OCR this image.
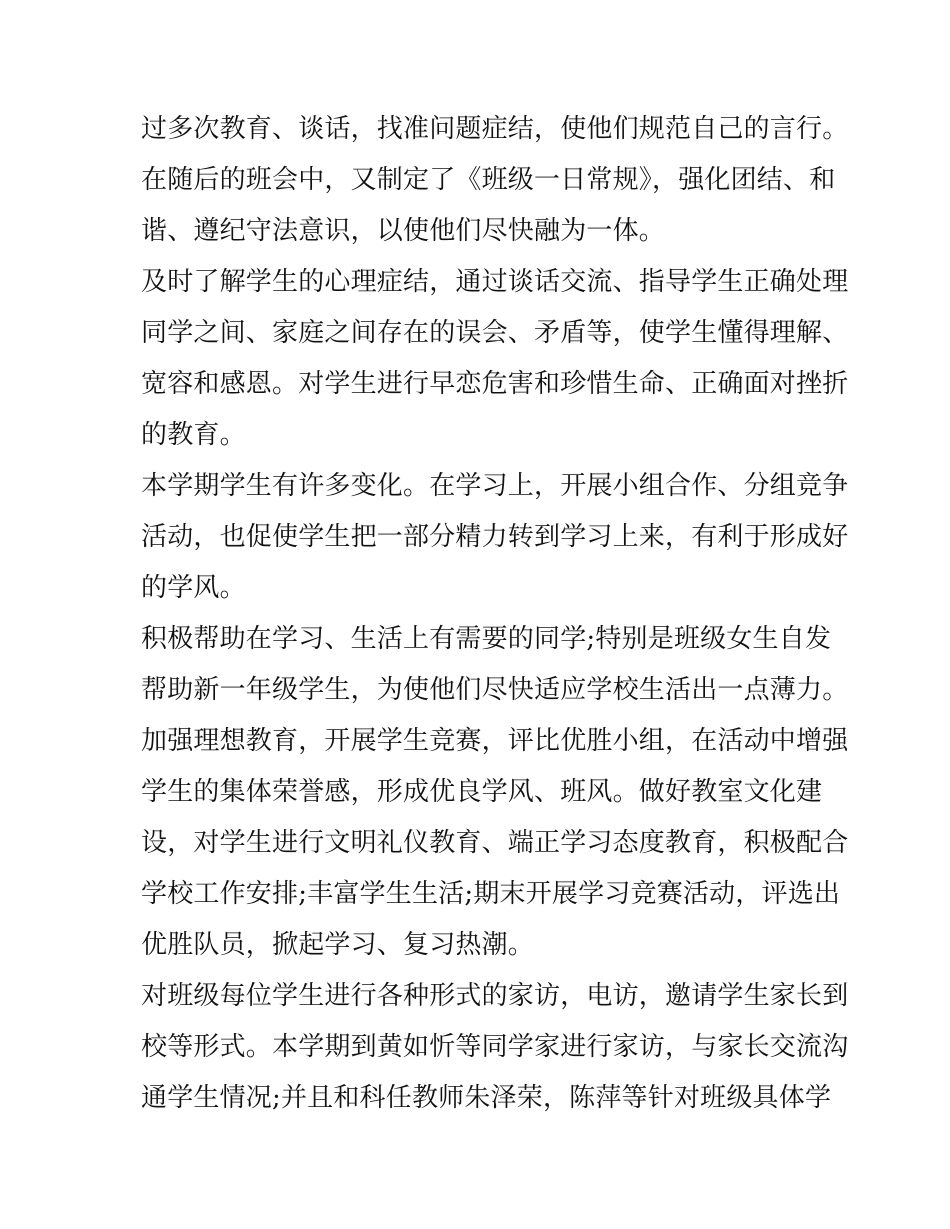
过多次教育、谈话，找准问题症结，使他们规范自己的言行。
在随后的班会中，又制定了《班级一日常规》，强化团结、和
谐、遵纪守法意识，以使他们尽快融为一体。
及时了解学生的心理症结，通过谈话交流、指导学生正确处理
同学之间、家庭之间存在的误会、矛盾等，使学生懂得理解、
宽容和感恩。对学生进行早恋危害和珍惜生命、正确面对挫折
的教育。
本学期学生有许多变化。在学习上，开展小组合作、分组竞争
活动，也促使学生把一部分精力转到学习上来，有利于形成好
的学风。
积极帮助在学习、生活上有需要的同学;特别是班级女生自发
帮助新一年级学生，为使他们尽快适应学校生活出一点薄力。
加强理想教育，开展学生竞赛，评比优胜小组，在活动中增强
学生的集体荣誉感，形成优良学风、班风。做好教室文化建
设，对学生进行文明礼仪教育、端正学习态度教育，积极配合
学校工作安排;丰富学生生活;期末开展学习竞赛活动，评选出
优胜队员，掀起学习、复习热潮。
对班级每位学生进行各种形式的家访，电访，邀请学生家长到
校等形式。本学期到黄如忻等同学家进行家访，与家长交流沟
通学生情况;并且和科任教师朱泽荣，陈萍等针对班级具体学
